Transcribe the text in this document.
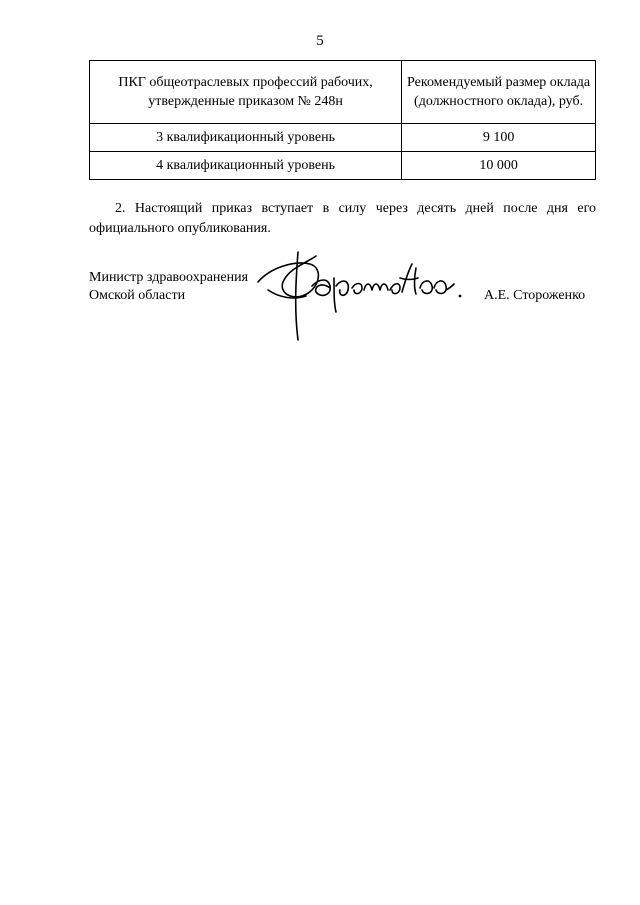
5
ПКГ общеотраслевых профессий рабочих, утвержденные приказом № 248н	Рекомендуемый размер оклада (должностного оклада), руб.
3 квалификационный уровень	9 100
4 квалификационный уровень	10 000

2. Настоящий приказ вступает в силу через десять дней после дня его официального опубликования.

Министр здравоохранения
Омской области	А.Е. Стороженко
